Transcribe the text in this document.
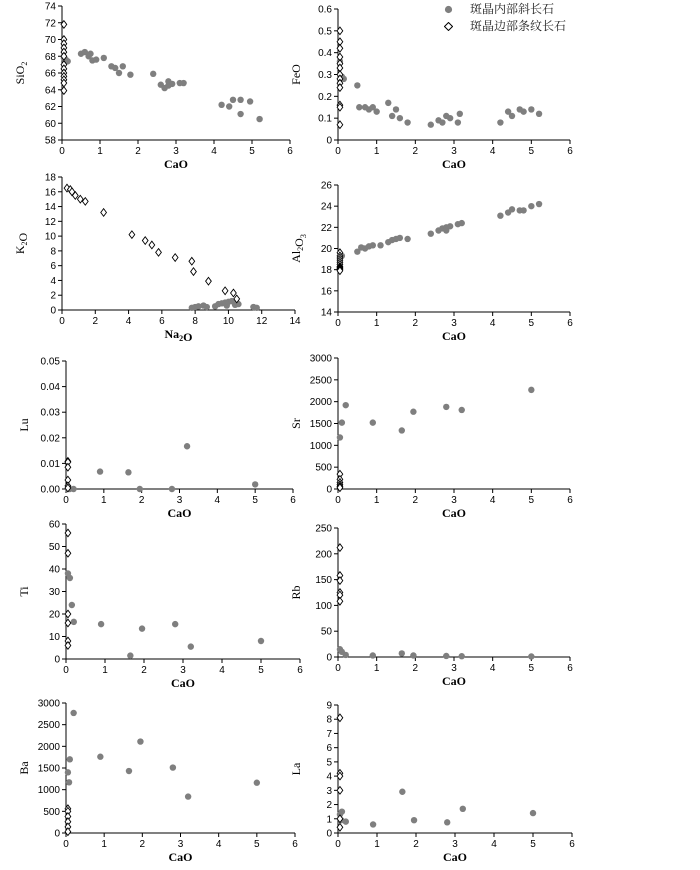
0	1	2	3	4	5	6
58
60
62
64
66
68
70
72
74
CaO
SiO$_2$
0	1	2	3	4	5	6
0
0.1
0.2
0.3
0.4
0.5
0.6
CaO
FeO
0	2	4	6	8 10 12 14
0
2
4
6
8
10
12
14
16
18
$Na_2O$
$K_2O$
0	1	2	3	4	5	6
14
16
18
20
22
24
26
CaO
$Al_2O_3$
0	1	2	3	4	5	6
0.00
0.01
0.02
0.03
0.04
0.05
CaO
Lu
0	1	2	3	4	5	6
0
500
1000
1500
2000
2500
3000
CaO
Sr
0	1	2	3	4	5	6
0
10
20
30
40
50
60
CaO
Ti
0	1	2	3	4	5	6
0
50
100
150
200
250
CaO
Rb
0	1	2	3	4	5	6
0
500
1000
1500
2000
2500
3000
CaO
Ba
0	1	2	3	4	5	6
0
1
2
3
4
5
6
7
8
9
CaO
La
斑晶内部斜长石
斑晶边部条纹长石
